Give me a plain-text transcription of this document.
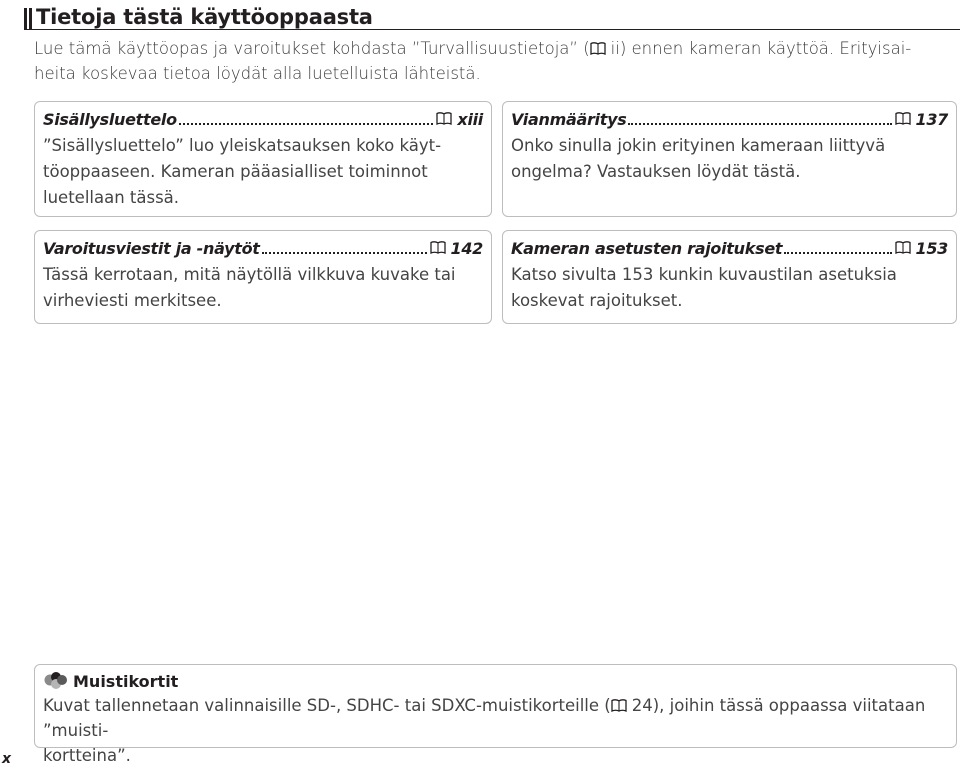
Tietoja tästä käyttöoppaasta
Lue tämä käyttöopas ja varoitukset kohdasta ”Turvallisuustietoja” ( ii) ennen kameran käyttöä. Erityisai-
heita koskevaa tietoa löydät alla luetelluista lähteistä.
Sisällysluettelo	xiii
”Sisällysluettelo” luo yleiskatsauksen koko käyt-
töoppaaseen. Kameran pääasialliset toiminnot
luetellaan tässä.
Vianmääritys	137
Onko sinulla jokin erityinen kameraan liittyvä
ongelma? Vastauksen löydät tästä.
Varoitusviestit ja -näytöt	142
Tässä kerrotaan, mitä näytöllä vilkkuva kuvake tai
virheviesti merkitsee.
Kameran asetusten rajoitukset	153
Katso sivulta 153 kunkin kuvaustilan asetuksia
koskevat rajoitukset.
Muistikortit
Kuvat tallennetaan valinnaisille SD-, SDHC- tai SDXC-muistikorteille ( 24), joihin tässä oppaassa viitataan ”muisti-
kortteina”.
x
